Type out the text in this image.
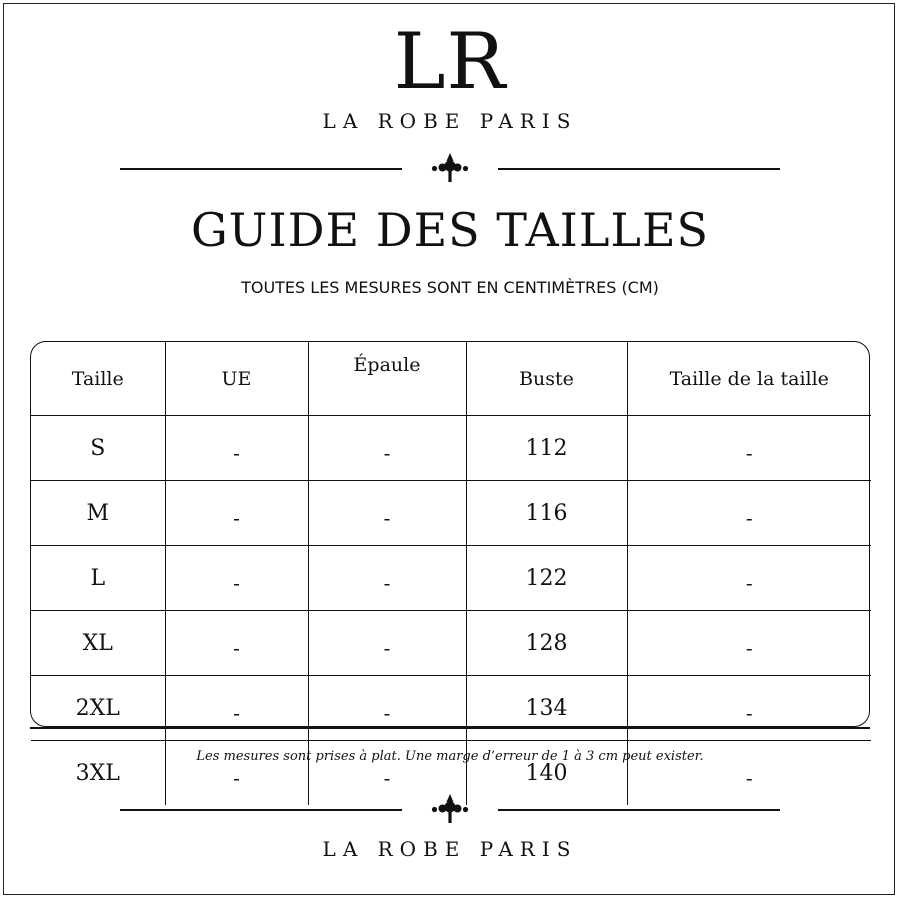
LR
LA ROBE PARIS
GUIDE DES TAILLES
TOUTES LES MESURES SONT EN CENTIMÈTRES (CM)
Taille	UE	Épaule	Buste	Taille de la taille
S	-	-	112	-
M	-	-	116	-
L	-	-	122	-
XL	-	-	128	-
2XL	-	-	134	-
3XL	-	-	140	-
Les mesures sont prises à plat. Une marge d’erreur de 1 à 3 cm peut exister.
LA ROBE PARIS
